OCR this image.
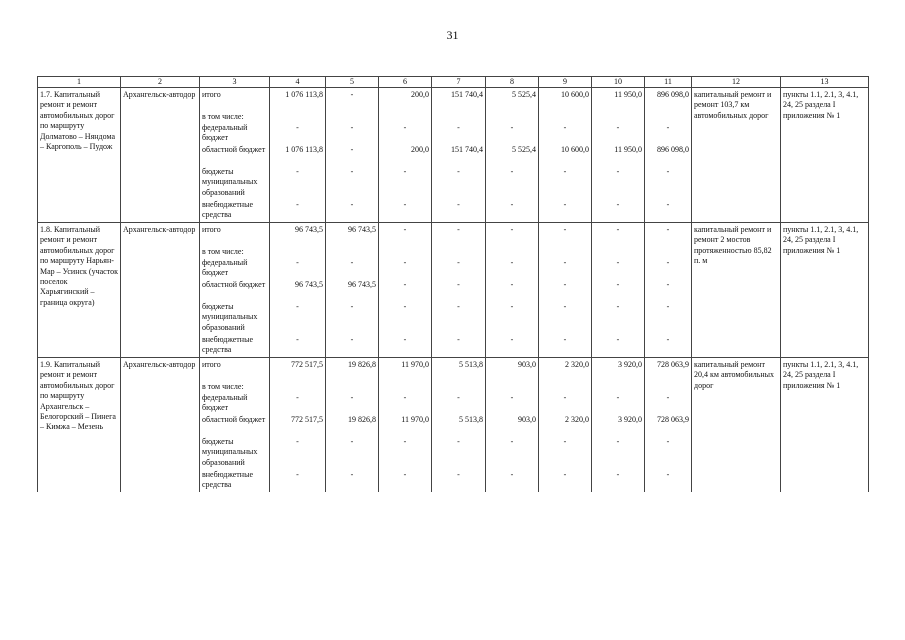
31
1	2	3	4	5	6	7	8	9	10	11	12	13
1.7. Капитальный ремонт и ремонт автомобильных дорог по маршруту Долматово – Няндома – Каргополь – Пудож	Архангельск-автодор	итого	1 076 113,8	-	200,0	151 740,4	5 525,4	10 600,0	11 950,0	896 098,0	капитальный ремонт и ремонт 103,7 км автомобильных дорог	пункты 1.1, 2.1, 3, 4.1, 24, 25 раздела I приложения № 1
		в том числе:										
		федеральный бюджет	-	-	-	-	-	-	-	-		
		областной бюджет	1 076 113,8	-	200,0	151 740,4	5 525,4	10 600,0	11 950,0	896 098,0		
		бюджеты муниципальных образований	-	-	-	-	-	-	-	-		
		внебюджетные средства	-	-	-	-	-	-	-	-		
1.8. Капитальный ремонт и ремонт автомобильных дорог по маршруту Нарьян-Мар – Усинск (участок поселок Харьягинский – граница округа)	Архангельск-автодор	итого	96 743,5	96 743,5	-	-	-	-	-	-	капитальный ремонт и ремонт 2 мостов протяженностью 85,82 п. м	пункты 1.1, 2.1, 3, 4.1, 24, 25 раздела I приложения № 1
		в том числе:										
		федеральный бюджет	-	-	-	-	-	-	-	-		
		областной бюджет	96 743,5	96 743,5	-	-	-	-	-	-		
		бюджеты муниципальных образований	-	-	-	-	-	-	-	-		
		внебюджетные средства	-	-	-	-	-	-	-	-		
1.9. Капитальный ремонт и ремонт автомобильных дорог по маршруту Архангельск – Белогорский – Пинега – Кимжа – Мезень	Архангельск-автодор	итого	772 517,5	19 826,8	11 970,0	5 513,8	903,0	2 320,0	3 920,0	728 063,9	капитальный ремонт 20,4 км автомобильных дорог	пункты 1.1, 2.1, 3, 4.1, 24, 25 раздела I приложения № 1
		в том числе:										
		федеральный бюджет	-	-	-	-	-	-	-	-		
		областной бюджет	772 517,5	19 826,8	11 970,0	5 513,8	903,0	2 320,0	3 920,0	728 063,9		
		бюджеты муниципальных образований	-	-	-	-	-	-	-	-		
		внебюджетные средства	-	-	-	-	-	-	-	-		
